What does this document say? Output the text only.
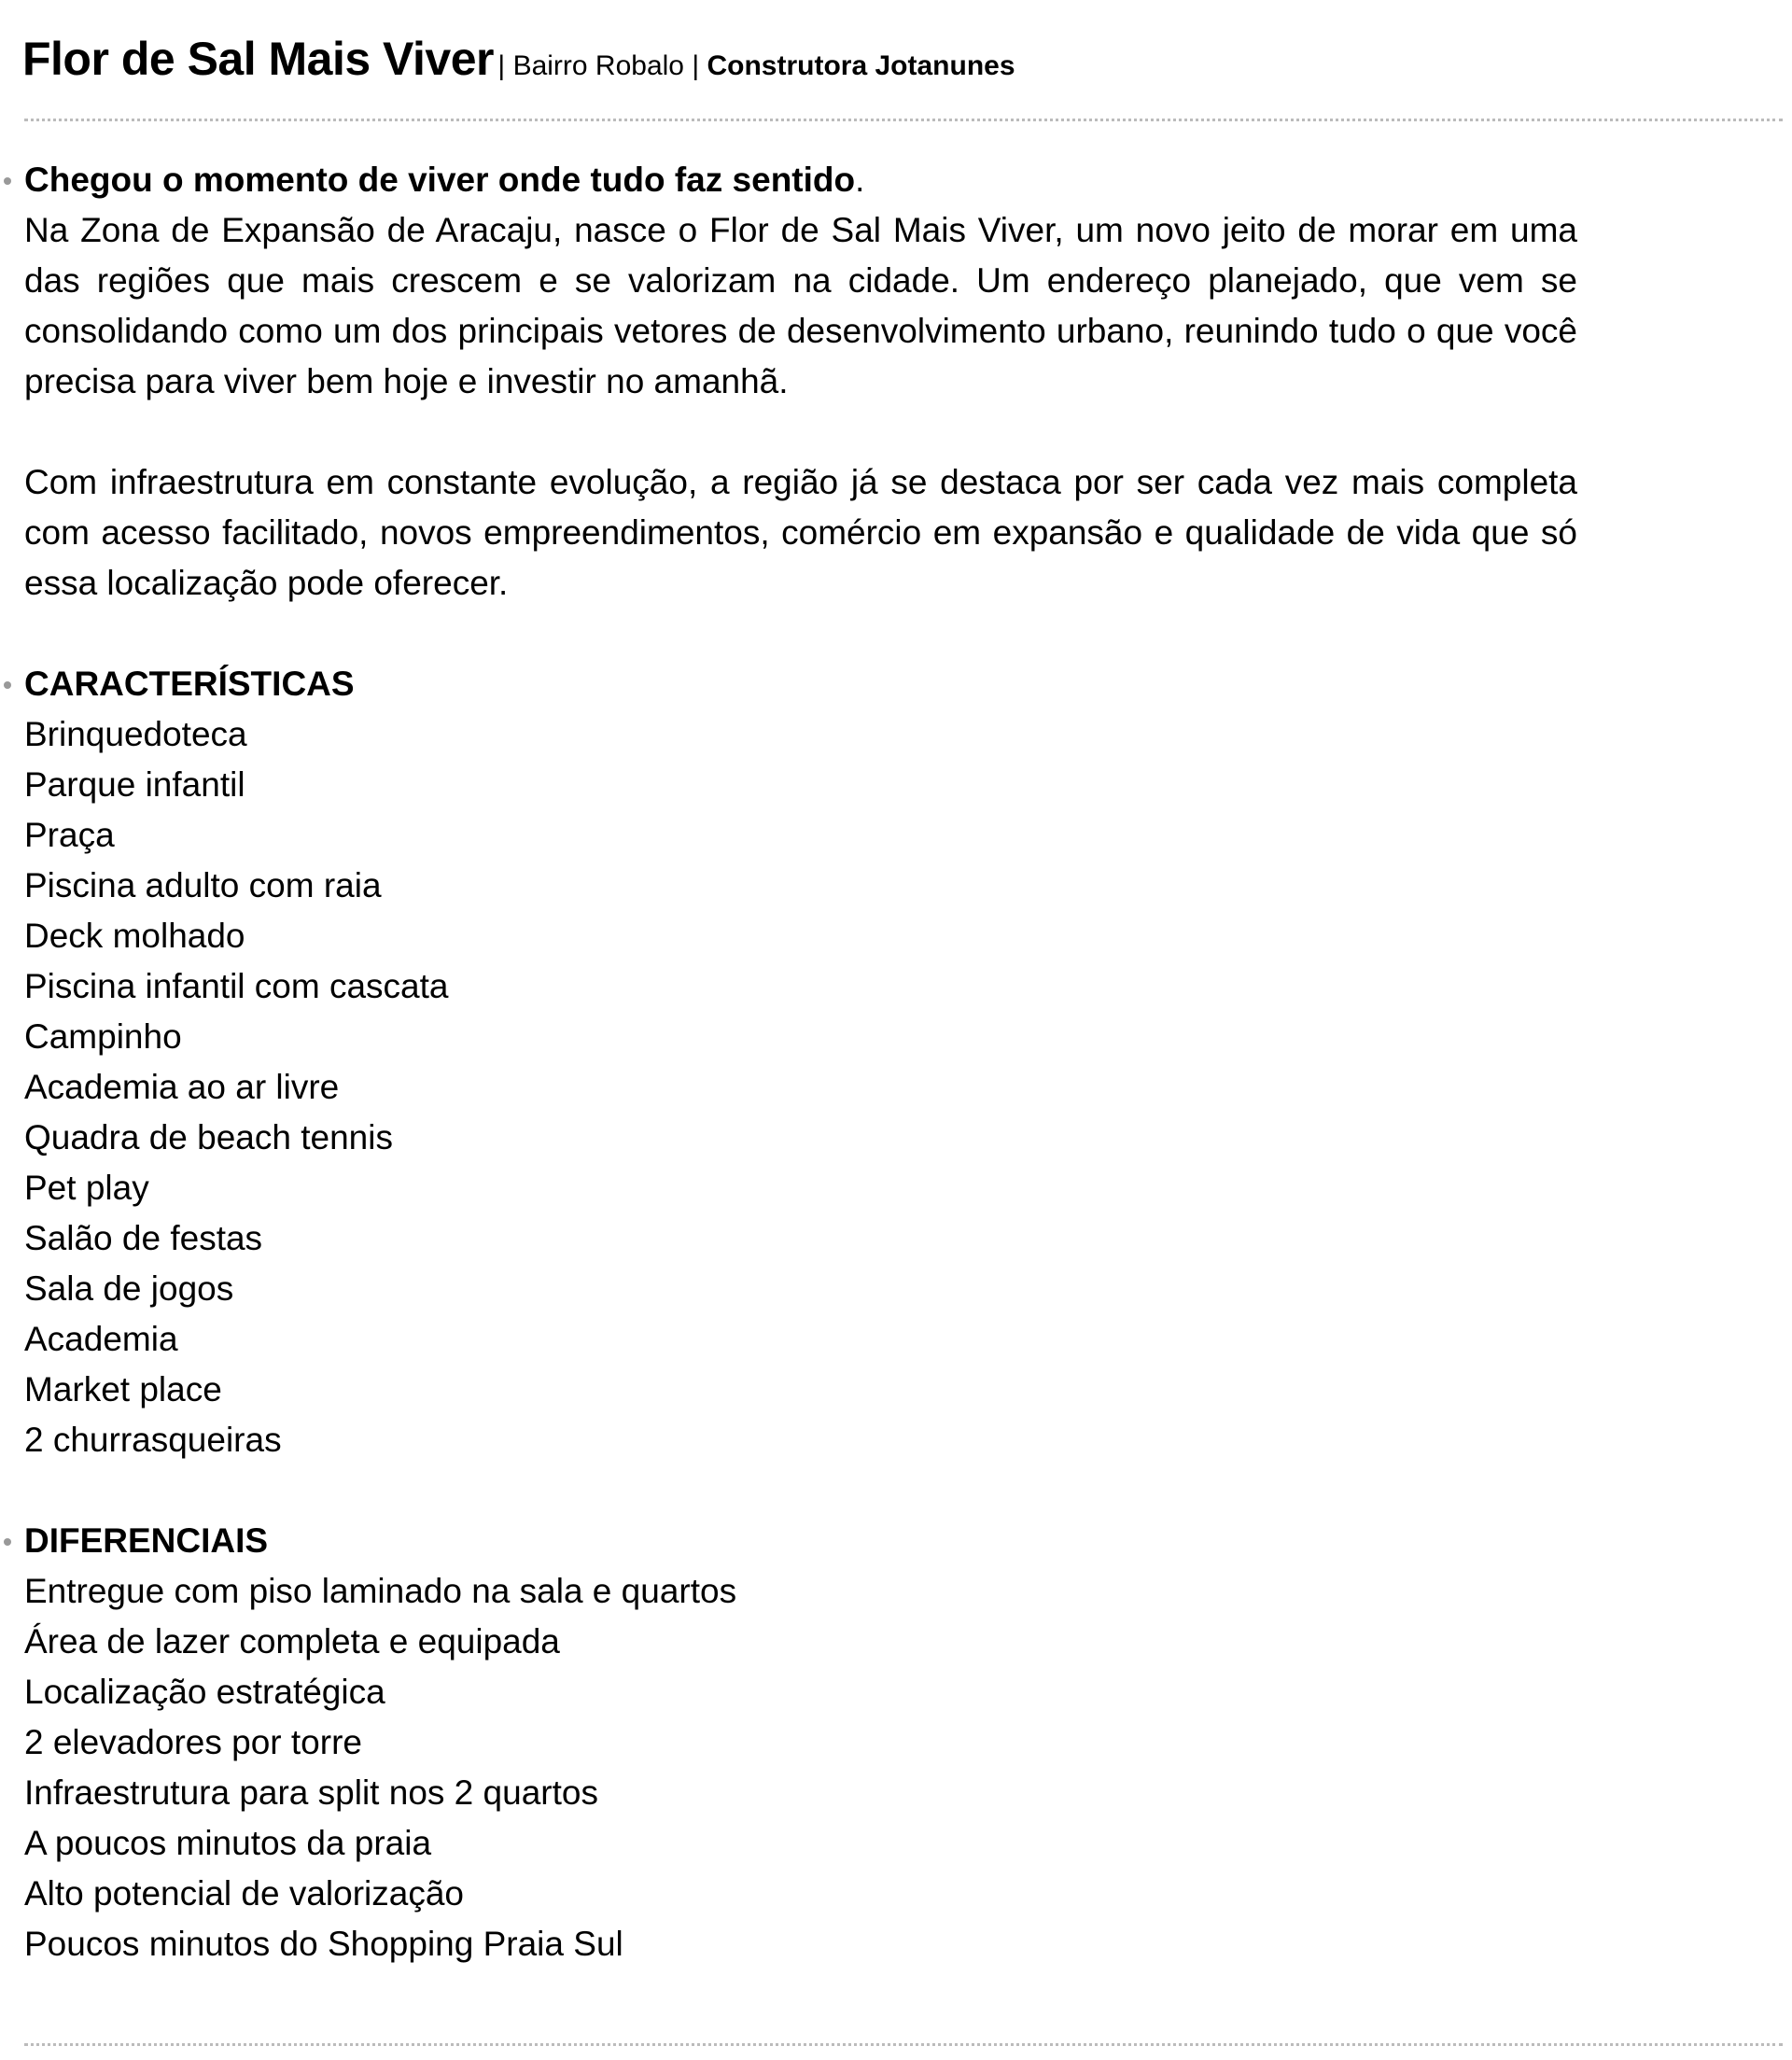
Flor de Sal Mais Viver | Bairro Robalo | Construtora Jotanunes
Chegou o momento de viver onde tudo faz sentido.

Na Zona de Expansão de Aracaju, nasce o Flor de Sal Mais Viver, um novo jeito de morar em uma das regiões que mais crescem e se valorizam na cidade. Um endereço planejado, que vem se consolidando como um dos principais vetores de desenvolvimento urbano, reunindo tudo o que você precisa para viver bem hoje e investir no amanhã.

Com infraestrutura em constante evolução, a região já se destaca por ser cada vez mais completa com acesso facilitado, novos empreendimentos, comércio em expansão e qualidade de vida que só essa localização pode oferecer.

CARACTERÍSTICAS
Brinquedoteca
Parque infantil
Praça
Piscina adulto com raia
Deck molhado
Piscina infantil com cascata
Campinho
Academia ao ar livre
Quadra de beach tennis
Pet play
Salão de festas
Sala de jogos
Academia
Market place
2 churrasqueiras
DIFERENCIAIS
Entregue com piso laminado na sala e quartos
Área de lazer completa e equipada
Localização estratégica
2 elevadores por torre
Infraestrutura para split nos 2 quartos
A poucos minutos da praia
Alto potencial de valorização
Poucos minutos do Shopping Praia Sul
